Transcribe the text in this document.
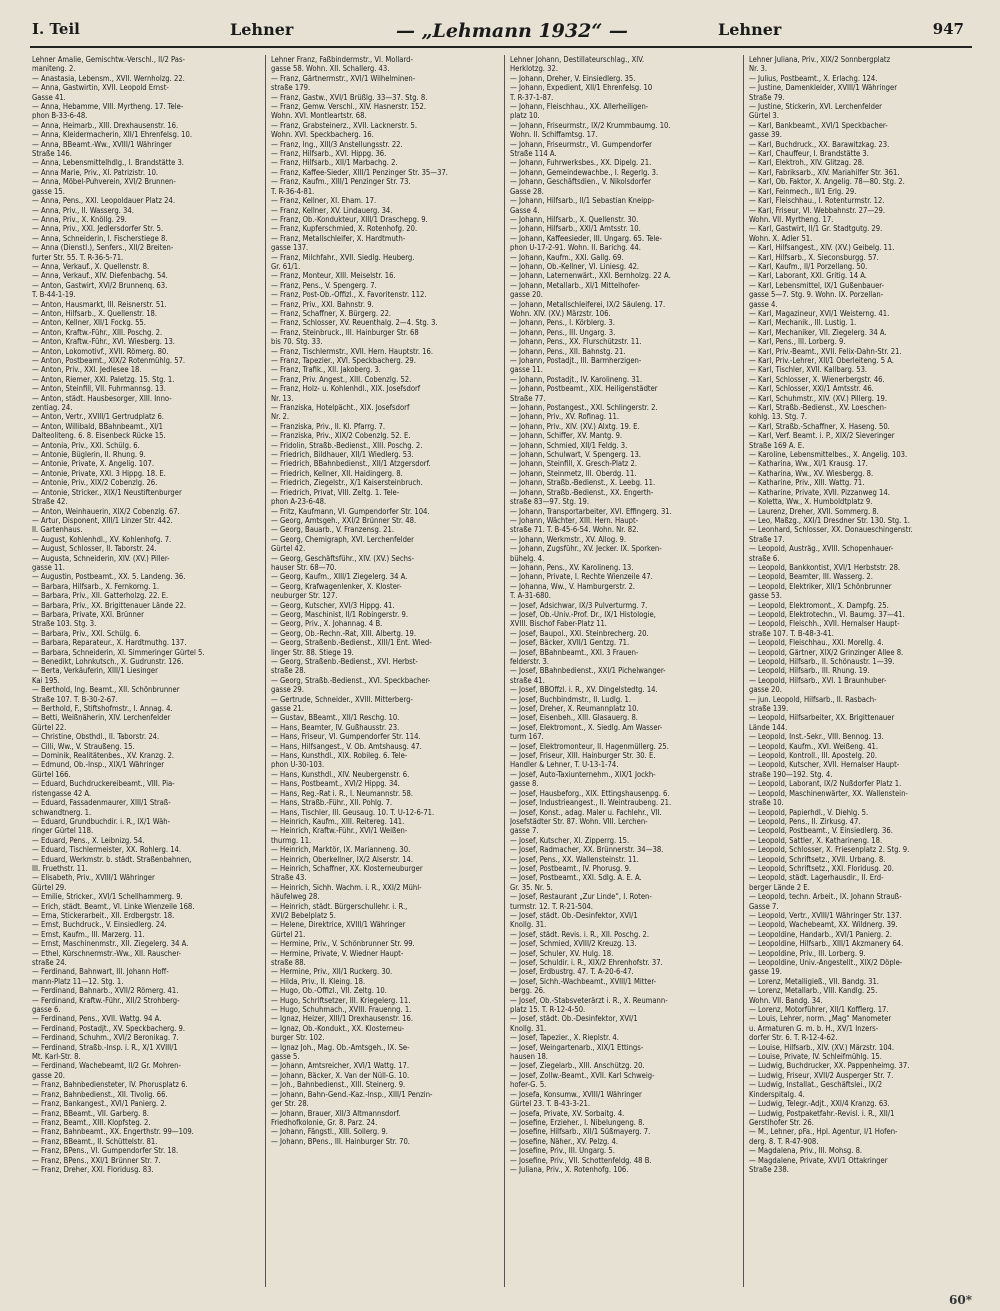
I. Teil	Lehner	— „Lehmann 1932“ —	Lehner	947
Lehner Amalie, Gemischtw.-Verschl., II/2 Pas-
maniteng. 2.
— Anastasia, Lebensm., XVII. Wernholzg. 22.
— Anna, Gastwirtin, XVII. Leopold Ernst-
Gasse 41.
— Anna, Hebamme, VIII. Myrtheng. 17. Tele-
phon B-33-6-48.
— Anna, Heimarb., XIII. Drexhausenstr. 16.
— Anna, Kleidermacherin, XII/1 Ehrenfelsg. 10.
— Anna, BBeamt.-Ww., XVIII/1 Währinger
Straße 146.
— Anna, Lebensmittelhdlg., I. Brandstätte 3.
— Anna Marie, Priv., XI. Patrizistr. 10.
— Anna, Möbel-Puhverein, XVI/2 Brunnen-
gasse 15.
— Anna, Pens., XXI. Leopoldauer Platz 24.
— Anna, Priv., II. Wasserg. 34.
— Anna, Priv., X. Knöllg. 29.
— Anna, Priv., XXI. Jedlersdorfer Str. 5.
— Anna, Schneiderin, I. Fischerstiege 8.
— Anna (Dienstl.), Senfers., XII/2 Breiten-
furter Str. 55. T. R-36-5-71.
— Anna, Verkauf., X. Quellenstr. 8.
— Anna, Verkauf., XIV. Diefenbachg. 54.
— Anton, Gastwirt, XVI/2 Brunnenq. 63.
T. B-44-1-19.
— Anton, Hausmarkt, III. Reisnerstr. 51.
— Anton, Hilfsarb., X. Quellenstr. 18.
— Anton, Kellner, XII/1 Fockg. 55.
— Anton, Kraftw.-Führ., XIII. Poschg. 2.
— Anton, Kraftw.-Führ., XVI. Wiesberg. 13.
— Anton, Lokomotivf., XVII. Römerg. 80.
— Anton, Postbeamt., XIX/2 Rotenmühlg. 57.
— Anton, Priv., XXI. Jedlesee 18.
— Anton, Riemer, XXI. Paletzg. 15. Stg. 1.
— Anton, Steinfill, VII. Fuhrmannsg. 13.
— Anton, städt. Hausbesorger, XIII. Inno-
zentiag. 24.
— Anton, Vertr., XVIII/1 Gertrudplatz 6.
— Anton, Willibald, BBahnbeamt., XI/1
Dalteoliteng. 6. 8. Eisenbeck Rücke 15.
— Antonia, Priv., XXI. Schülg. 6.
— Antonie, Büglerin, II. Rhung. 9.
— Antonie, Private, X. Angelig. 107.
— Antonie, Private, XXI. 3 Hippg. 18. E.
— Antonie, Priv., XIX/2 Cobenzlg. 26.
— Antonie, Stricker., XIX/1 Neustiftenburger
Straße 42.
— Anton, Weinhauerin, XIX/2 Cobenzlg. 67.
— Artur, Disponent, XIII/1 Linzer Str. 442.
II. Gartenhaus.
— August, Kohlenhdl., XV. Kohlenhofg. 7.
— August, Schlosser, II. Taborstr. 24.
— Augusta, Schneiderin, XIV. (XV.) Piller-
gasse 11.
— Augustin, Postbeamt., XX. 5. Landeng. 36.
— Barbara, Hilfsarb., X. Fernkorng. 1.
— Barbara, Priv., XII. Gatterholzg. 22. E.
— Barbara, Priv., XX. Brigittenauer Lände 22.
— Barbara, Private, XXI. Brünner
Straße 103. Stg. 3.
— Barbara, Priv., XXI. Schülg. 6.
— Barbara, Reparateur., X. Hardtmuthg. 137.
— Barbara, Schneiderin, XI. Simmeringer Gürtel 5.
— Benedikt, Lohnkutsch., X. Gudrunstr. 126.
— Berta, Verkäuferin, XIII/1 Liesinger
Kai 195.
— Berthold, Ing. Beamt., XII. Schönbrunner
Straße 107. T. B-30-2-67.
— Berthold, F., Stiftshofmstr., I. Annag. 4.
— Betti, Weißnäherin, XIV. Lerchenfelder
Gürtel 22.
— Christine, Obsthdl., II. Taborstr. 24.
— Cilli, Ww., V. Straußeng. 15.
— Dominik, Realitätenbes., XV. Kranzg. 2.
— Edmund, Ob.-Insp., XIX/1 Währinger
Gürtel 166.
— Eduard, Buchdruckereibeamt., VIII. Pia-
ristengasse 42 A.
— Eduard, Fassadenmaurer, XIII/1 Straß-
schwandtnerg. 1.
— Eduard, Grundbuchdir. i. R., IX/1 Wäh-
ringer Gürtel 118.
— Eduard, Pens., X. Leibnizg. 54.
— Eduard, Tischlermeister, XX. Rohlerg. 14.
— Eduard, Werkmstr. b. städt. Straßenbahnen,
III. Fruethstr. 11.
— Elisabeth, Priv., XVIII/1 Währinger
Gürtel 29.
— Emilie, Stricker., XVI/1 Schellhammerg. 9.
— Erich, städt. Beamt., VI. Linke Wienzeile 168.
— Erna, Stickerarbeit., XII. Erdbergstr. 18.
— Ernst, Buchdruck., V. Einsiedlerg. 24.
— Ernst, Kaufm., III. Marzerg. 11.
— Ernst, Maschinenmstr., XII. Ziegelerg. 34 A.
— Ethel, Kürschnermstr.-Ww., XII. Rauscher-
straße 24.
— Ferdinand, Bahnwart, III. Johann Hoff-
mann-Platz 11—12. Stg. 1.
— Ferdinand, Bahnarb., XVII/2 Römerg. 41.
— Ferdinand, Kraftw.-Führ., XII/2 Strohberg-
gasse 6.
— Ferdinand, Pens., XVII. Wattg. 94 A.
— Ferdinand, Postadjt., XV. Speckbacherg. 9.
— Ferdinand, Schuhm., XVI/2 Beronikag. 7.
— Ferdinand, Straßb.-Insp. i. R., X/1 XVIII/1
Mt. Karl-Str. 8.
— Ferdinand, Wachebeamt, II/2 Gr. Mohren-
gasse 20.
— Franz, Bahnbediensteter, IV. Phorusplatz 6.
— Franz, Bahnbedienst., XII. Tivolig. 66.
— Franz, Bankangest., XVI/1 Panierg. 2.
— Franz, BBeamt., VII. Garberg. 8.
— Franz, Beamt., XIII. Klopfsteg. 2.
— Franz, Bahnbeamt., XX. Engerthstr. 99—109.
— Franz, BBeamt., II. Schüttelstr. 81.
— Franz, BPens., VI. Gumpendorfer Str. 18.
— Franz, BPens., XXI/1 Brünner Str. 7.
— Franz, Dreher, XXI. Floridusg. 83.
Lehner Franz, Faßbindermstr., VI. Mollard-
gasse 58. Wohn. XII. Schallerg. 43.
— Franz, Gärtnermstr., XVI/1 Wilhelminen-
straße 179.
— Franz, Gastw., XVI/1 Brüßlg. 33—37. Stg. 8.
— Franz, Gemw. Verschl., XIV. Hasnerstr. 152.
Wohn. XVI. Montleartstr. 68.
— Franz, Grabsteinerz., XVII. Lacknerstr. 5.
Wohn. XVI. Speckbacherg. 16.
— Franz, Ing., XIII/3 Anstellungsstr. 22.
— Franz, Hilfsarb., XVI. Hippg. 36.
— Franz, Hilfsarb., XII/1 Marbachg. 2.
— Franz, Kaffee-Sieder, XIII/1 Penzinger Str. 35—37.
— Franz, Kaufm., XIII/1 Penzinger Str. 73.
T. R-36-4-81.
— Franz, Kellner, XI. Eham. 17.
— Franz, Kellner, XV. Lindauerg. 34.
— Franz, Ob.-Kondukteur, XIII/1 Draschepg. 9.
— Franz, Kupferschmied, X. Rotenhofg. 20.
— Franz, Metallschleifer, X. Hardtmuth-
gasse 137.
— Franz, Milchfahr., XVII. Siedlg. Heuberg.
Gr. 61/1.
— Franz, Monteur, XIII. Meiselstr. 16.
— Franz, Pens., V. Spengerg. 7.
— Franz, Post-Ob.-Offizl., X. Favoritenstr. 112.
— Franz, Priv., XXI. Bahnstr. 9.
— Franz, Schaffner, X. Bürgerg. 22.
— Franz, Schlosser, XV. Reuenthalg. 2—4. Stg. 3.
— Franz, Steinbruck., III. Hainburger Str. 68
bis 70. Stg. 33.
— Franz, Tischlermstr., XVII. Hern. Hauptstr. 16.
— Franz, Tapezier., XVI. Speckbacherg. 29.
— Franz, Trafik., XII. Jakoberg. 3.
— Franz, Priv. Angest., XIII. Cobenzlg. 52.
— Franz, Holz- u. Kohlenhdl., XIX. Josefsdorf
Nr. 13.
— Franziska, Hotelpächt., XIX. Josefsdorf
Nr. 2.
— Franziska, Priv., II. Kl. Pfarrg. 7.
— Franziska, Priv., XIX/2 Cobenzlg. 52. E.
— Fridolin, Straßb.-Bedienst., XIII. Poschg. 2.
— Friedrich, Bildhauer, XII/1 Wiedlerg. 53.
— Friedrich, BBahnbedienst., XII/1 Atzgersdorf.
— Friedrich, Kellner, XII. Haidingerg. 8.
— Friedrich, Ziegelstr., X/1 Kaisersteinbruch.
— Friedrich, Privat, VIII. Zeltg. 1. Tele-
phon A-23-6-48.
— Fritz, Kaufmann, VI. Gumpendorfer Str. 104.
— Georg, Amtsgeh., XXI/2 Brünner Str. 48.
— Georg, Bauarb., V. Franzensg. 21.
— Georg, Chemigraph, XVI. Lerchenfelder
Gürtel 42.
— Georg, Geschäftsführ., XIV. (XV.) Sechs-
hauser Str. 68—70.
— Georg, Kaufm., XIII/1 Ziegelerg. 34 A.
— Georg, Krafwagenlenker, X. Kloster-
neuburger Str. 127.
— Georg, Kutscher, XVI/3 Hippg. 41.
— Georg, Maschinist, II/1 Robingerstr. 9.
— Georg, Priv., X. Johannag. 4 B.
— Georg, Ob.-Rechn.-Rat, XIII. Albertg. 19.
— Georg, Straßenb.-Bedienst., XIII/1 Ent. Wied-
linger Str. 88. Stiege 19.
— Georg, Straßenb.-Bedienst., XVI. Herbst-
straße 28.
— Georg, Straßb.-Bedienst., XVI. Speckbacher-
gasse 29.
— Gertrude, Schneider., XVIII. Mitterberg-
gasse 21.
— Gustav, BBeamt., XII/1 Reschg. 10.
— Hans, Beamter, IV. Gußhausstr. 23.
— Hans, Friseur, VI. Gumpendorfer Str. 114.
— Hans, Hilfsangest., V. Ob. Amtshausg. 47.
— Hans, Kunsthdl., XIX. Robileg. 6. Tele-
phon U-30-103.
— Hans, Kunsthdl., XIV. Neubergenstr. 6.
— Hans, Postbeamt., XVI/2 Hippg. 34.
— Hans, Reg.-Rat i. R., I. Neumannstr. 58.
— Hans, Straßb.-Führ., XII. Pohlg. 7.
— Hans, Tischler, III. Geusaug. 10. T. U-12-6-71.
— Heinrich, Kaufm., XIII. Reitereg. 141.
— Heinrich, Kraftw.-Führ., XVI/1 Weißen-
thurmg. 11.
— Heinrich, Marktör, IX. Marianneng. 30.
— Heinrich, Oberkellner, IX/2 Alserstr. 14.
— Heinrich, Schaffner, XX. Klosterneuburger
Straße 43.
— Heinrich, Sichh. Wachm. i. R., XXI/2 Mühl-
häufelweg 28.
— Heinrich, städt. Bürgerschullehr. i. R.,
XVI/2 Bebelplatz 5.
— Helene, Direktrice, XVIII/1 Währinger
Gürtel 21.
— Hermine, Priv., V. Schönbrunner Str. 99.
— Hermine, Private, V. Wiedner Haupt-
straße 88.
— Hermine, Priv., XII/1 Ruckerg. 30.
— Hilda, Priv., II. Kleing. 18.
— Hugo, Ob.-Offizl., VII. Zeltg. 10.
— Hugo, Schriftsetzer, III. Kriegelerg. 11.
— Hugo, Schuhmach., XVIII. Frauenng. 1.
— Ignaz, Heizer, XIII/1 Drexhausenstr. 16.
— Ignaz, Ob.-Kondukt., XX. Klosterneu-
burger Str. 102.
— Ignaz Joh., Mag. Ob.-Amtsgeh., IX. Se-
gasse 5.
— Johann, Amtsreicher, XVI/1 Wattg. 17.
— Johann, Bäcker, X. Van der Nüll-G. 10.
— Joh., Bahnbedienst., XIII. Steinerg. 9.
— Johann, Bahn-Gend.-Kaz.-Insp., XIII/1 Penzin-
ger Str. 28.
— Johann, Brauer, XII/3 Altmannsdorf.
Friedhofkolonie, Gr. 8. Parz. 24.
— Johann, Fängstl., XIII. Sollerg. 9.
— Johann, BPens., III. Hainburger Str. 70.
Lehner Johann, Destillateurschlag., XIV.
Herklotzg. 32.
— Johann, Dreher, V. Einsiedlerg. 35.
— Johann, Expedient, XII/1 Ehrenfelsg. 10
T. R-37-1-87.
— Johann, Fleischhau., XX. Allerheiligen-
platz 10.
— Johann, Friseurmstr., IX/2 Krummbaumg. 10.
Wohn. II. Schiffamtsg. 17.
— Johann, Friseurmstr., VI. Gumpendorfer
Straße 114 A.
— Johann, Fuhrwerksbes., XX. Dipelg. 21.
— Johann, Gemeindewachbe., I. Regerlg. 3.
— Johann, Geschäftsdien., V. Nikolsdorfer
Gasse 28.
— Johann, Hilfsarb., II/1 Sebastian Kneipp-
Gasse 4.
— Johann, Hilfsarb., X. Quellenstr. 30.
— Johann, Hilfsarb., XXI/1 Amtsstr. 10.
— Johann, Kaffeesieder, III. Ungarg. 65. Tele-
phon U-17-2-91. Wohn. II. Barichg. 44.
— Johann, Kaufm., XXI. Gallg. 69.
— Johann, Ob.-Kellner, VI. Liniesg. 42.
— Johann, Laternenwärt., XXI. Bernholzg. 22 A.
— Johann, Metallarb., XI/1 Mittelhofer-
gasse 20.
— Johann, Metallschleiferei, IX/2 Säuleng. 17.
Wohn. XIV. (XV.) Märzstr. 106.
— Johann, Pens., I. Körblerg. 3.
— Johann, Pens., III. Ungarg. 3.
— Johann, Pens., XX. Flurschützstr. 11.
— Johann, Pens., XII. Bahnstg. 21.
— Johann, Postadjt., III. Barmherzigen-
gasse 11.
— Johann, Postadjt., IV. Karolineng. 31.
— Johann, Postbeamt., XIX. Heiligenstädter
Straße 77.
— Johann, Postangest., XXI. Schlingerstr. 2.
— Johann, Priv., XV. Rofinag. 11.
— Johann, Priv., XIV. (XV.) Alxtg. 19. E.
— Johann, Schiffer, XV. Mantg. 9.
— Johann, Schmied, XII/1 Feldg. 3.
— Johann, Schulwart, V. Spengerg. 13.
— Johann, Steinfill, X. Gresch-Platz 2.
— Johann, Steinmetz, III. Oberdg. 11.
— Johann, Straßb.-Bedienst., X. Leebg. 11.
— Johann, Straßb.-Bedienst., XX. Engerth-
straße 83—97. Stg. 19.
— Johann, Transportarbeiter, XVI. Effingerg. 31.
— Johann, Wächter, XIII. Hern. Haupt-
straße 71. T. B-45-6-54. Wohn. Nr. 82.
— Johann, Werkmstr., XV. Allog. 9.
— Johann, Zugsführ., XV. Jecker. IX. Sporken-
bühelg. 4.
— Johann, Pens., XV. Karolineng. 13.
— Johann, Private, I. Rechte Wienzeile 47.
— Johanna, Ww., V. Hamburgerstr. 2.
T. A-31-680.
— Josef, Adsichwar, IX/3 Pulverturmg. 7.
— Josef, Ob.-Univ.-Prof. Dr., IX/1 Histologie,
XVIII. Bischof Faber-Platz 11.
— Josef, Baupol., XXI. Steinbrecherg. 20.
— Josef, Bäcker, XVII/1 Gentzg. 71.
— Josef, BBahnbeamt., XXI. 3 Frauen-
felderstr. 3.
— Josef, BBahnbedienst., XXI/1 Pichelwanger-
straße 41.
— Josef, BBOffzl. i. R., XV. Dingelstedtg. 14.
— Josef, Buchbindmstr., II. Ludlg. 1.
— Josef, Dreher, X. Reumannplatz 10.
— Josef, Eisenbeh., XIII. Glasauerg. 8.
— Josef, Elektromont., X. Siedlg. Am Wasser-
turm 167.
— Josef, Elektromonteur, II. Hagenmüllerg. 25.
— Josef, Friseur, XIII. Hainburger Str. 30. E.
Handler & Lehner, T. U-13-1-74.
— Josef, Auto-Taxiunternehm., XIX/1 Jockh-
gasse 8.
— Josef, Hausbeforg., XIX. Ettingshausenpg. 6.
— Josef, Industrieangest., II. Weintraubeng. 21.
— Josef, Konst., adag. Maler u. Fachlehr., VII.
Josefstädter Str. 87. Wohn. VIII. Lerchen-
gasse 7.
— Josef, Kutscher, XI. Zipperrg. 15.
— Josef, Radmacher, XX. Brünnerstr. 34—38.
— Josef, Pens., XX. Wallensteinstr. 11.
— Josef, Postbeamt., IV. Phorusg. 9.
— Josef, Postbeamt., XXI. Sdlg. A. E. A.
Gr. 35. Nr. 5.
— Josef, Restaurant „Zur Linde“, I. Roten-
turmstr. 12. T. R-21-504.
— Josef, städt. Ob.-Desinfektor, XVI/1
Knollg. 31.
— Josef, städt. Revis. i. R., XII. Poschg. 2.
— Josef, Schmied, XVIII/2 Kreuzg. 13.
— Josef, Schuler, XV. Hulg. 18.
— Josef, Schuldir. i. R., XIX/2 Ehrenhofstr. 37.
— Josef, Erdbustrg. 47. T. A-20-6-47.
— Josef, Sichh.-Wachbeamt., XVIII/1 Mitter-
bergg. 26.
— Josef, Ob.-Stabsveterärzt i. R., X. Reumann-
platz 15. T. R-12-4-50.
— Josef, städt. Ob.-Desinfektor, XVI/1
Knollg. 31.
— Josef, Tapezier., X. Rieplstr. 4.
— Josef, Weingartenarb., XIX/1 Ettings-
hausen 18.
— Josef, Ziegelarb., XIII. Anschützg. 20.
— Josef, Zollw.-Beamt., XVII. Karl Schweig-
hofer-G. 5.
— Josefa, Konsumw., XVIII/1 Währinger
Gürtel 23. T. B-43-3-21.
— Josefa, Private, XV. Sorbaitg. 4.
— Josefine, Erzieher., I. Nibelungeng. 8.
— Josefine, Hilfsarb., XII/1 Süßmayerg. 7.
— Josefine, Näher., XV. Pelzg. 4.
— Josefine, Priv., III. Ungarg. 5.
— Josefine, Priv., VII. Schottenfeldg. 48 B.
— Juliana, Priv., X. Rotenhofg. 106.
Lehner Juliana, Priv., XIX/2 Sonnbergplatz
Nr. 3.
— Julius, Postbeamt., X. Erlachg. 124.
— Justine, Damenkleider, XVIII/1 Währinger
Straße 79.
— Justine, Stickerin, XVI. Lerchenfelder
Gürtel 3.
— Karl, Bankbeamt., XVI/1 Speckbacher-
gasse 39.
— Karl, Buchdruck., XX. Barawitzkag. 23.
— Karl, Chauffeur, I. Brandstätte 3.
— Karl, Elektroh., XIV. Glitzag. 28.
— Karl, Fabriksarb., XIV. Mariahilfer Str. 361.
— Karl, Ob. Faktor, X. Angelig. 78—80. Stg. 2.
— Karl, Feinmech., II/1 Erlg. 29.
— Karl, Fleischhau., I. Rotenturmstr. 12.
— Karl, Friseur, VI. Webbahnstr. 27—29.
Wohn. VII. Myrtheng. 17.
— Karl, Gastwirt, II/1 Gr. Stadtgutg. 29.
Wohn. X. Adler 51.
— Karl, Hilfsangest., XIV. (XV.) Geibelg. 11.
— Karl, Hilfsarb., X. Sieconsburgg. 57.
— Karl, Kaufm., II/1 Porzellang. 50.
— Karl, Laborant, XXI. Gritig. 14 A.
— Karl, Lebensmittel, IX/1 Gußenbauer-
gasse 5—7. Stg. 9. Wohn. IX. Porzellan-
gasse 4.
— Karl, Magazineur, XVI/1 Weisterng. 41.
— Karl, Mechanik., III. Lustig. 1.
— Karl, Mechaniker, VII. Ziegelerg. 34 A.
— Karl, Pens., III. Lorberg. 9.
— Karl, Priv.-Beamt., XVII. Felix-Dahn-Str. 21.
— Karl, Priv.-Lehrer, XII/1 Oberleiteng. 5 A.
— Karl, Tischler, XVII. Kallbarg. 53.
— Karl, Schlosser, X. Wienerbergstr. 46.
— Karl, Schlosser, XXI/1 Amtsstr. 46.
— Karl, Schuhmstr., XIV. (XV.) Pillerg. 19.
— Karl, Straßb.-Bedienst., XV. Loeschen-
kohlg. 13. Stg. 7.
— Karl, Straßb.-Schaffner, X. Haseng. 50.
— Karl, Verf. Beamt. i. P., XIX/2 Sieveringer
Straße 169 A. E.
— Karoline, Lebensmittelbes., X. Angelig. 103.
— Katharina, Ww., XI/1 Krausg. 17.
— Katharina, Ww., XV. Wiesbergg. 8.
— Katharine, Priv., XIII. Wattg. 71.
— Katharine, Private, XVII. Pizzanweg 14.
— Koletta, Ww., X. Humboldtplatz 9.
— Laurenz, Dreher, XVII. Sommerg. 8.
— Leo, Maßzg., XXI/1 Dresdner Str. 130. Stg. 1.
— Leonhard, Schlosser, XX. Donaueschingenstr.
Straße 17.
— Leopold, Austräg., XVIII. Schopenhauer-
straße 6.
— Leopold, Bankkontist, XVI/1 Herbststr. 28.
— Leopold, Beamter, III. Wasserg. 2.
— Leopold, Elektriker, XII/1 Schönbrunner
gasse 53.
— Leopold, Elektromont., X. Dampfg. 25.
— Leopold, Elektrotechn., VI. Baumg. 37—41.
— Leopold, Fleischh., XVII. Hernalser Haupt-
straße 107. T. B-48-3-41.
— Leopold, Fleischhau., XXI. Morellg. 4.
— Leopold, Gärtner, XIX/2 Grinzinger Allee 8.
— Leopold, Hilfsarb., II. Schönaustr. 1—39.
— Leopold, Hilfsarb., III. Rhung. 19.
— Leopold, Hilfsarb., XVI. 1 Braunhuber-
gasse 20.
— jun. Leopold, Hilfsarb., II. Rasbach-
straße 139.
— Leopold, Hilfsarbeiter, XX. Brigittenauer
Lände 144.
— Leopold, Inst.-Sekr., VIII. Bennog. 13.
— Leopold, Kaufm., XVI. Weißeng. 41.
— Leopold, Kontroll., III. Apostelg. 20.
— Leopold, Kutscher, XVII. Hernalser Haupt-
straße 190—192. Stg. 4.
— Leopold, Laborant, IX/2 Nußdorfer Platz 1.
— Leopold, Maschinenwärter, XX. Wallenstein-
straße 10.
— Leopold, Papierhdl., V. Diehlg. 5.
— Leopold, Pens., II. Zirkusg. 47.
— Leopold, Postbeamt., V. Einsiedlerg. 36.
— Leopold, Sattler, X. Katharineng. 18.
— Leopold, Schlosser, X. Friesenplatz 2. Stg. 9.
— Leopold, Schriftsetz., XVII. Urbang. 8.
— Leopold, Schriftsetz., XXI. Floridusg. 20.
— Leopold, städt. Lagerhausdir., II. Erd-
berger Lände 2 E.
— Leopold, techn. Arbeit., IX. Johann Strauß-
Gasse 7.
— Leopold, Vertr., XVIII/1 Währinger Str. 137.
— Leopold, Wachebeamt, XX. Wildnerg. 39.
— Leopoldine, Handarb., XVI/1 Panierg. 2.
— Leopoldine, Hilfsarb., XIII/1 Akzmanery 64.
— Leopoldine, Priv., III. Lorberg. 9.
— Leopoldine, Univ.-Angestellt., XIX/2 Döple-
gasse 19.
— Lorenz, Metalligieß., VII. Bandg. 31.
— Lorenz, Metallarb., VIII. Kandlg. 25.
Wohn. VII. Bandg. 34.
— Lorenz, Motorführer, XII/1 Kofflerg. 17.
— Louis, Lehrer, norm. „Mag“ Manometer
u. Armaturen G. m. b. H., XV/1 Inzers-
dorfer Str. 6. T. R-12-4-62.
— Louise, Hilfsarb., XIV. (XV.) Märzstr. 104.
— Louise, Private, IV. Schleifmühlg. 15.
— Ludwig, Buchdrucker, XX. Pappenheimg. 37.
— Ludwig, Friseur, XVII/2 Ausperger Str. 7.
— Ludwig, Installat., Geschäftslei., IX/2
Kinderspitalg. 4.
— Ludwig, Telegr.-Adjt., XXI/4 Kranzg. 63.
— Ludwig, Postpaketfahr.-Revisl. i. R., XII/1
Gerstlhofer Str. 26.
— M., Lehner, pFa., Hpl. Agentur, I/1 Hofen-
derg. 8. T. R-47-908.
— Magdalena, Priv., III. Mohsg. 8.
— Magdalene, Private, XVI/1 Ottakringer
Straße 238.
60*
